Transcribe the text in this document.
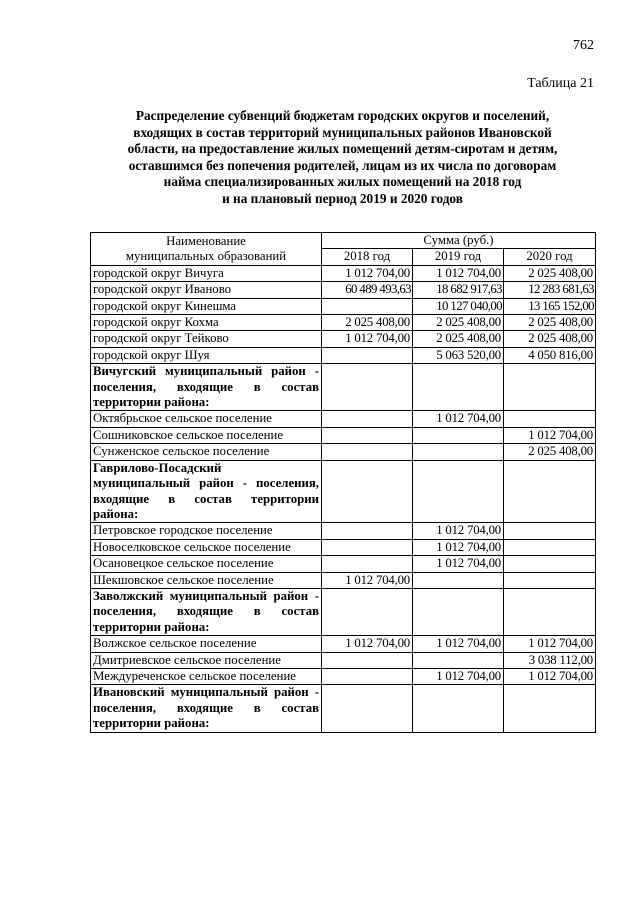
762
Таблица 21
Распределение субвенций бюджетам городских округов и поселений,
входящих в состав территорий муниципальных районов Ивановской
области, на предоставление жилых помещений детям-сиротам и детям,
оставшимся без попечения родителей, лицам из их числа по договорам
найма специализированных жилых помещений на 2018 год
и на плановый период 2019 и 2020 годов
Наименование
муниципальных образований	Сумма (руб.)		
	2018 год	2019 год	2020 год
городской округ Вичуга	1 012 704,00	1 012 704,00	2 025 408,00
городской округ Иваново	60 489 493,63	18 682 917,63	12 283 681,63
городской округ Кинешма		10 127 040,00	13 165 152,00
городской округ Кохма	2 025 408,00	2 025 408,00	2 025 408,00
городской округ Тейково	1 012 704,00	2 025 408,00	2 025 408,00
городской округ Шуя		5 063 520,00	4 050 816,00
Вичугский муниципальный район - поселения, входящие в состав территории района:			
Октябрьское сельское поселение		1 012 704,00	
Сошниковское сельское поселение			1 012 704,00
Сунженское сельское поселение			2 025 408,00
Гаврилово-Посадский муниципальный район - поселения, входящие в состав территории района:			
Петровское городское поселение		1 012 704,00	
Новоселковское сельское поселение		1 012 704,00	
Осановецкое сельское поселение		1 012 704,00	
Шекшовское сельское поселение	1 012 704,00		
Заволжский муниципальный район - поселения, входящие в состав территории района:			
Волжское сельское поселение	1 012 704,00	1 012 704,00	1 012 704,00
Дмитриевское сельское поселение			3 038 112,00
Междуреченское сельское поселение		1 012 704,00	1 012 704,00
Ивановский муниципальный район - поселения, входящие в состав территории района:			
